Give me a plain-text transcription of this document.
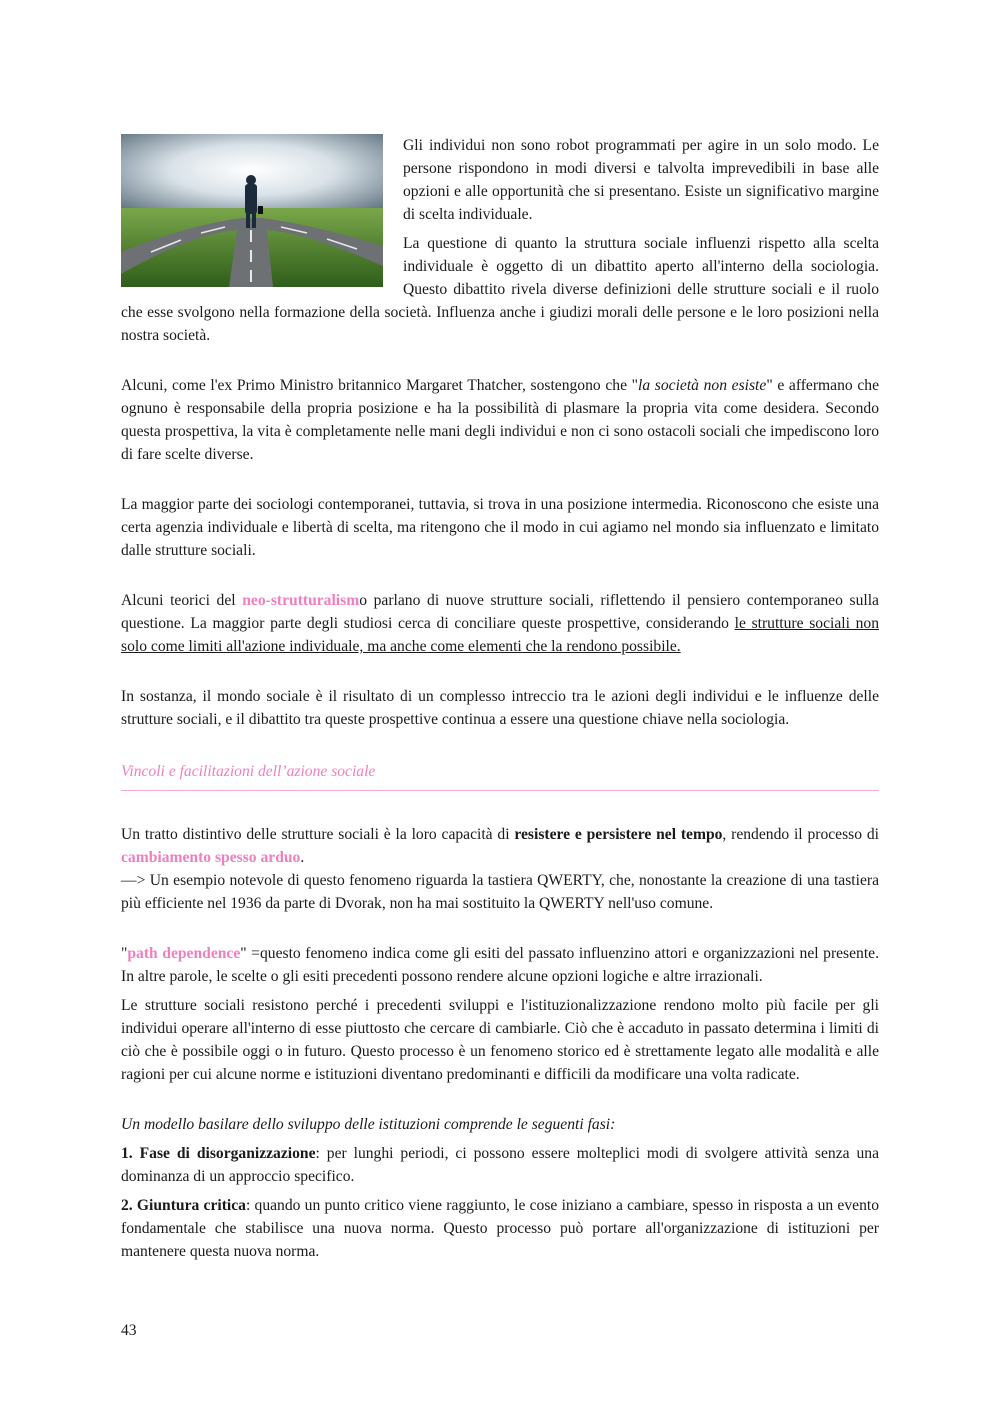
Gli individui non sono robot programmati per agire in un solo modo. Le persone rispondono in modi diversi e talvolta imprevedibili in base alle opzioni e alle opportunità che si presentano. Esiste un significativo margine di scelta individuale.

La questione di quanto la struttura sociale influenzi rispetto alla scelta individuale è oggetto di un dibattito aperto all'interno della sociologia. Questo dibattito rivela diverse definizioni delle strutture sociali e il ruolo che esse svolgono nella formazione della società. Influenza anche i giudizi morali delle persone e le loro posizioni nella nostra società.

Alcuni, come l'ex Primo Ministro britannico Margaret Thatcher, sostengono che "la società non esiste" e affermano che ognuno è responsabile della propria posizione e ha la possibilità di plasmare la propria vita come desidera. Secondo questa prospettiva, la vita è completamente nelle mani degli individui e non ci sono ostacoli sociali che impediscono loro di fare scelte diverse.

La maggior parte dei sociologi contemporanei, tuttavia, si trova in una posizione intermedia. Riconoscono che esiste una certa agenzia individuale e libertà di scelta, ma ritengono che il modo in cui agiamo nel mondo sia influenzato e limitato dalle strutture sociali.

Alcuni teorici del neo-strutturalismo parlano di nuove strutture sociali, riflettendo il pensiero contemporaneo sulla questione. La maggior parte degli studiosi cerca di conciliare queste prospettive, considerando le strutture sociali non solo come limiti all'azione individuale, ma anche come elementi che la rendono possibile.

In sostanza, il mondo sociale è il risultato di un complesso intreccio tra le azioni degli individui e le influenze delle strutture sociali, e il dibattito tra queste prospettive continua a essere una questione chiave nella sociologia.

Vincoli e facilitazioni dell’azione sociale

Un tratto distintivo delle strutture sociali è la loro capacità di resistere e persistere nel tempo, rendendo il processo di cambiamento spesso arduo.

—> Un esempio notevole di questo fenomeno riguarda la tastiera QWERTY, che, nonostante la creazione di una tastiera più efficiente nel 1936 da parte di Dvorak, non ha mai sostituito la QWERTY nell'uso comune.

"path dependence" =questo fenomeno indica come gli esiti del passato influenzino attori e organizzazioni nel presente. In altre parole, le scelte o gli esiti precedenti possono rendere alcune opzioni logiche e altre irrazionali.

Le strutture sociali resistono perché i precedenti sviluppi e l'istituzionalizzazione rendono molto più facile per gli individui operare all'interno di esse piuttosto che cercare di cambiarle. Ciò che è accaduto in passato determina i limiti di ciò che è possibile oggi o in futuro. Questo processo è un fenomeno storico ed è strettamente legato alle modalità e alle ragioni per cui alcune norme e istituzioni diventano predominanti e difficili da modificare una volta radicate.

Un modello basilare dello sviluppo delle istituzioni comprende le seguenti fasi:

1. Fase di disorganizzazione: per lunghi periodi, ci possono essere molteplici modi di svolgere attività senza una dominanza di un approccio specifico.

2. Giuntura critica: quando un punto critico viene raggiunto, le cose iniziano a cambiare, spesso in risposta a un evento fondamentale che stabilisce una nuova norma. Questo processo può portare all'organizzazione di istituzioni per mantenere questa nuova norma.

43
